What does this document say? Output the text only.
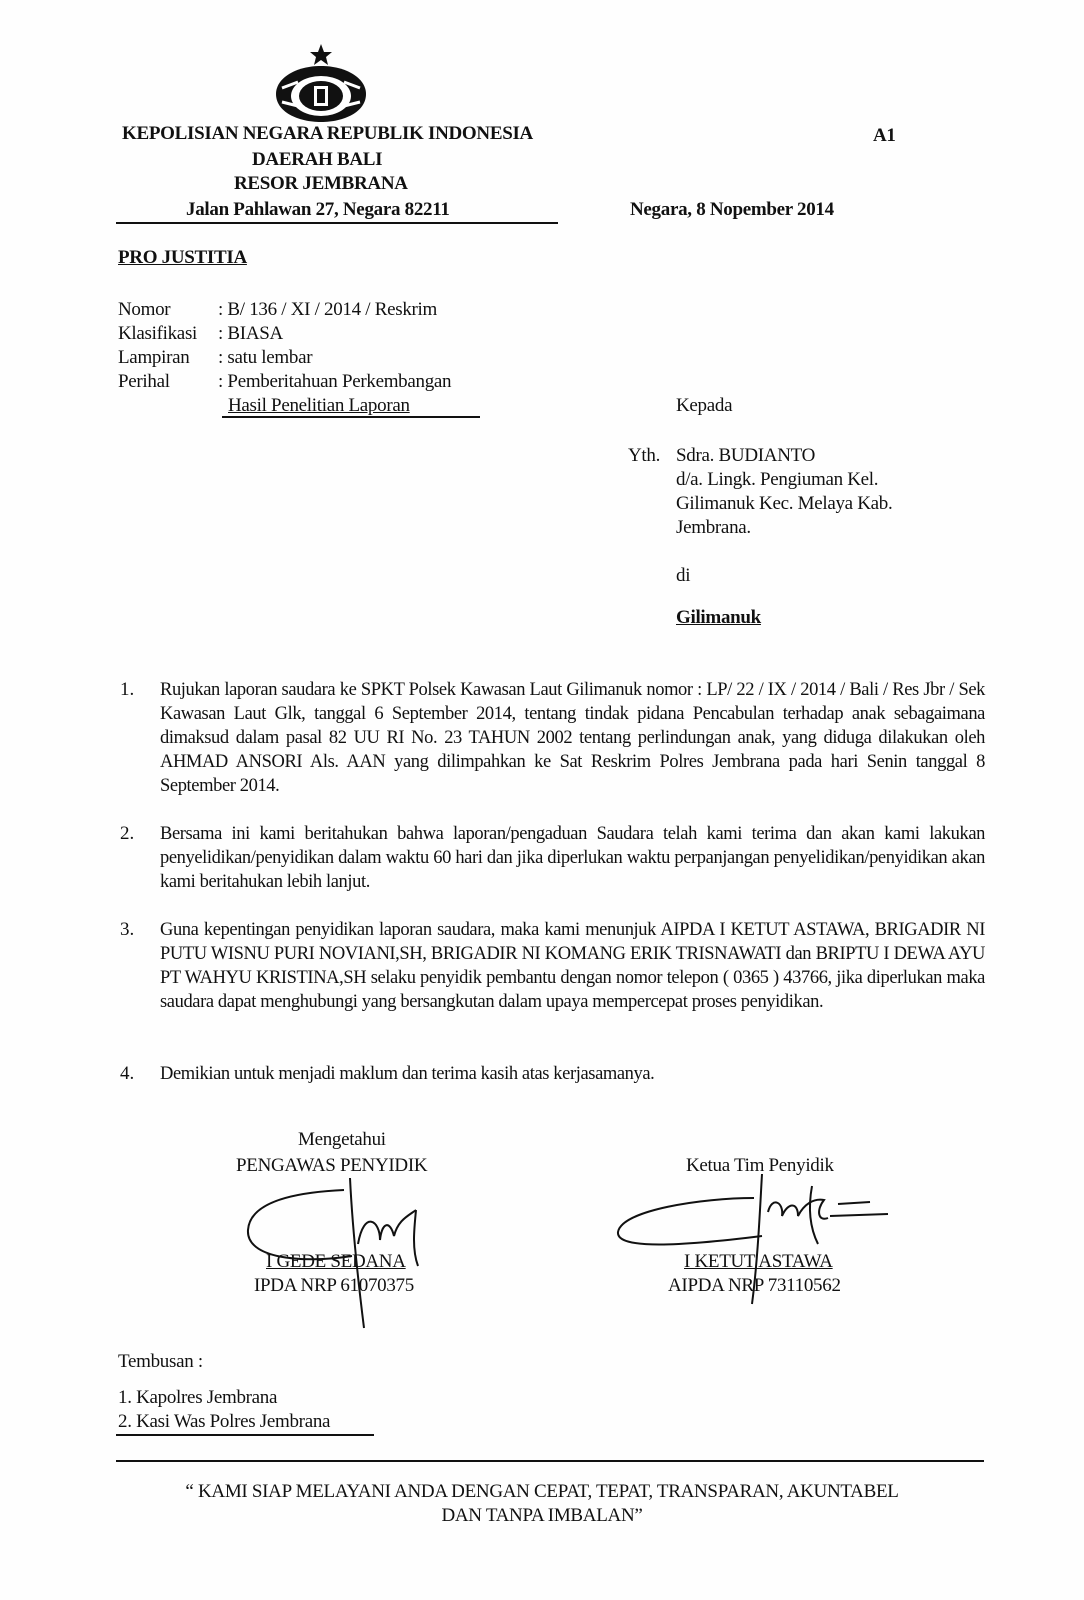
KEPOLISIAN NEGARA REPUBLIK INDONESIA
DAERAH BALI
RESOR JEMBRANA
Jalan Pahlawan 27, Negara 82211
A1
Negara, 8 Nopember 2014
PRO JUSTITIA
Nomor	: B/ 136 / XI / 2014 / Reskrim
Klasifikasi : BIASA
Lampiran : satu lembar
Perihal	: Pemberitahuan Perkembangan
Hasil Penelitian Laporan	Kepada
Yth. Sdra. BUDIANTO
d/a. Lingk. Pengiuman Kel.
Gilimanuk Kec. Melaya Kab.
Jembrana.
di
Gilimanuk
1. Rujukan laporan saudara ke SPKT Polsek Kawasan Laut Gilimanuk nomor : LP/ 22 / IX / 2014 / Bali / Res Jbr / Sek Kawasan Laut Glk, tanggal 6 September 2014, tentang tindak pidana Pencabulan terhadap anak sebagaimana dimaksud dalam pasal 82 UU RI No. 23 TAHUN 2002 tentang perlindungan anak, yang diduga dilakukan oleh AHMAD ANSORI Als. AAN yang dilimpahkan ke Sat Reskrim Polres Jembrana pada hari Senin tanggal 8 September 2014.
2. Bersama ini kami beritahukan bahwa laporan/pengaduan Saudara telah kami terima dan akan kami lakukan penyelidikan/penyidikan dalam waktu 60 hari dan jika diperlukan waktu perpanjangan penyelidikan/penyidikan akan kami beritahukan lebih lanjut.
3. Guna kepentingan penyidikan laporan saudara, maka kami menunjuk AIPDA I KETUT ASTAWA, BRIGADIR NI PUTU WISNU PURI NOVIANI,SH, BRIGADIR NI KOMANG ERIK TRISNAWATI dan BRIPTU I DEWA AYU PT WAHYU KRISTINA,SH selaku penyidik pembantu dengan nomor telepon ( 0365 ) 43766, jika diperlukan maka saudara dapat menghubungi yang bersangkutan dalam upaya mempercepat proses penyidikan.
4. Demikian untuk menjadi maklum dan terima kasih atas kerjasamanya.
Mengetahui
PENGAWAS PENYIDIK
I GEDE SEDANA
IPDA NRP 61070375
Ketua Tim Penyidik
I KETUT ASTAWA
AIPDA NRP 73110562
Tembusan :
1. Kapolres Jembrana
2. Kasi Was Polres Jembrana
“ KAMI SIAP MELAYANI ANDA DENGAN CEPAT, TEPAT, TRANSPARAN, AKUNTABEL
DAN TANPA IMBALAN”
